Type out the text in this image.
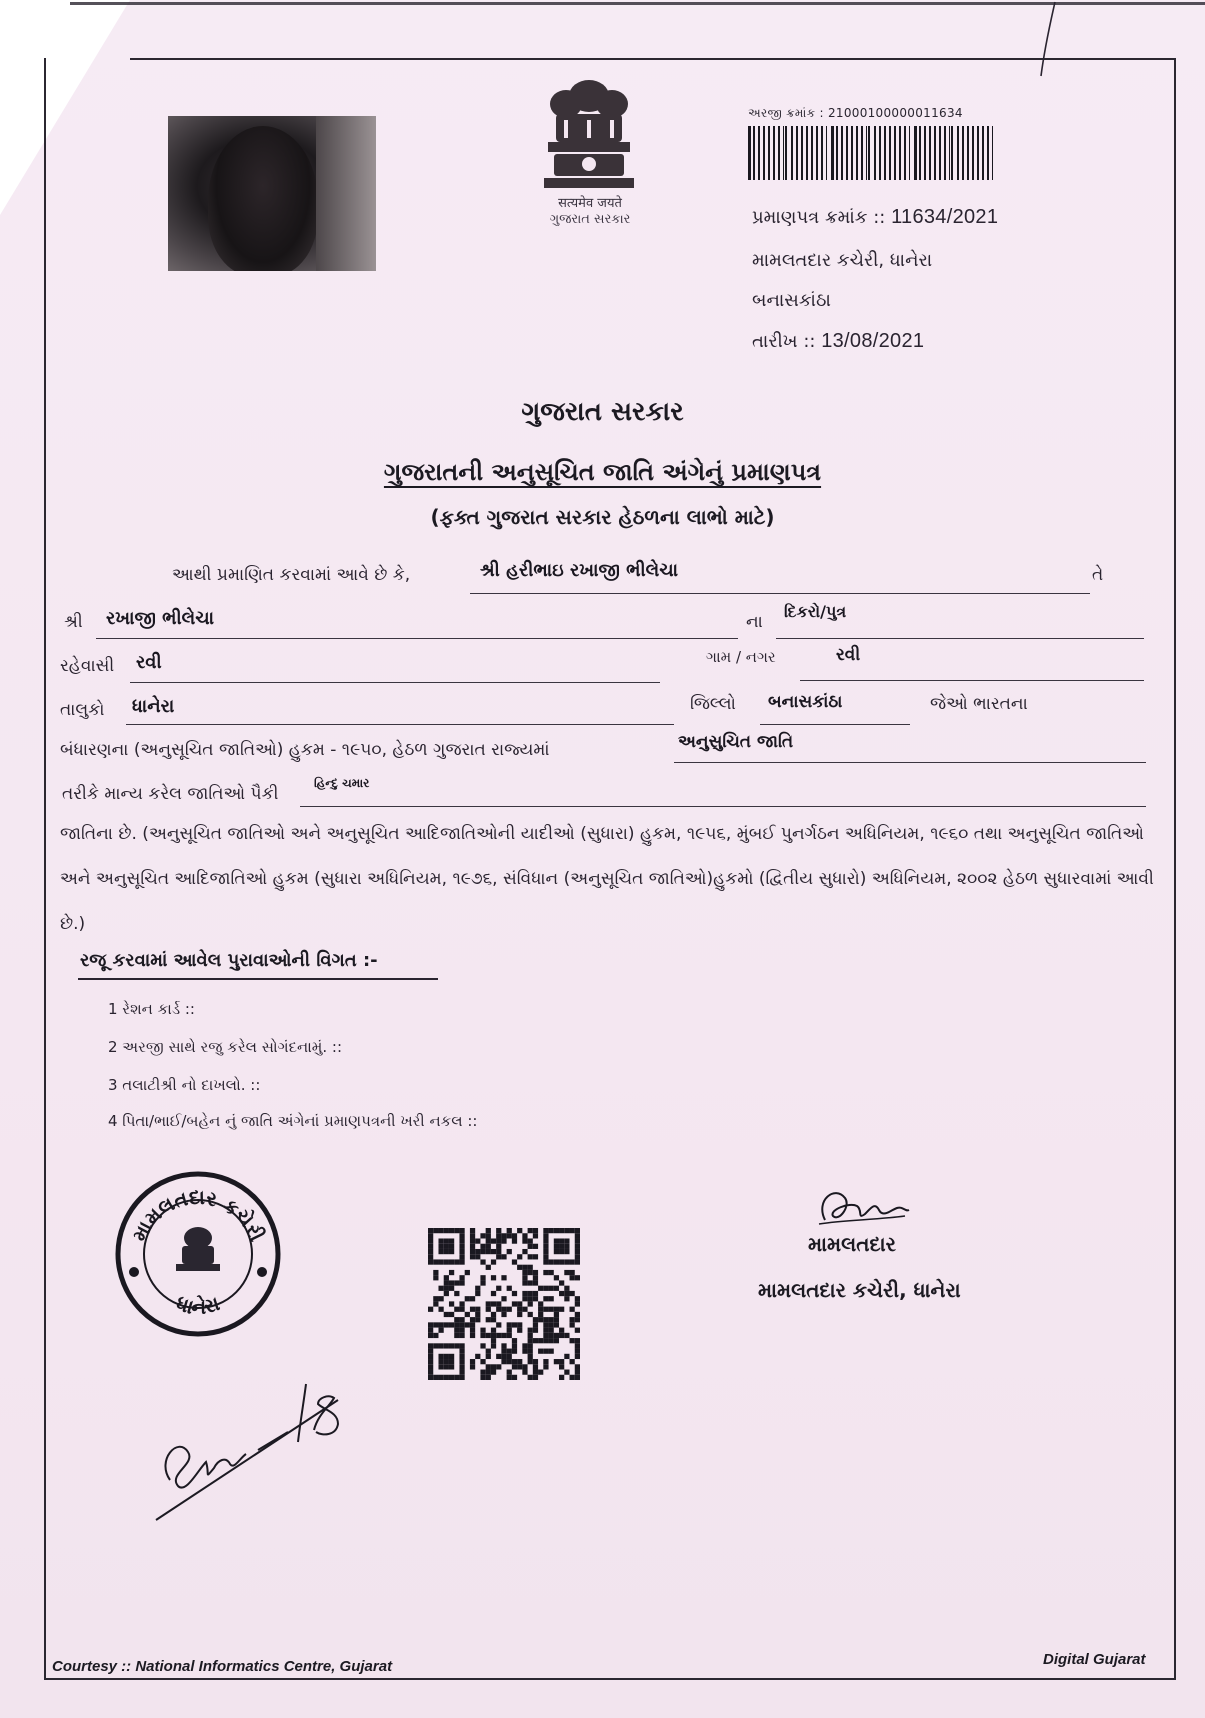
सत्यमेव जयते
ગુજરાત સરકાર
અરજી ક્રમાંક : 21000100000011634
પ્રમાણપત્ર ક્રમાંક :: 11634/2021
મામલતદાર કચેરી, ધાનેરા
બનાસકાંઠા
તારીખ :: 13/08/2021
ગુજરાત સરકાર
ગુજરાતની અનુસૂચિત જાતિ અંગેનું પ્રમાણપત્ર
(ફક્ત ગુજરાત સરકાર હેઠળના લાભો માટે)
આથી પ્રમાણિત કરવામાં આવે છે કે,	શ્રી હરીભાઇ રખાજી ભીલેચા	તે
શ્રી રખાજી ભીલેચા	ના
દિકરો/પુત્ર
રહેવાસી રવી	ગામ / નગર	રવી
તાલુકો ધાનેરા	જિલ્લો બનાસકાંઠા	જેઓ ભારતના
બંધારણના (અનુસૂચિત જાતિઓ) હુકમ - ૧૯૫૦, હેઠળ ગુજરાત રાજ્યમાં	અનુસુચિત જાતિ
તરીકે માન્ય કરેલ જાતિઓ પૈકી
હિન્દુ ચમાર
જાતિના છે. (અનુસૂચિત જાતિઓ અને અનુસૂચિત આદિજાતિઓની યાદીઓ (સુધારા) હુકમ, ૧૯૫૬, મુંબઈ પુનર્ગઠન અધિનિયમ, ૧૯૬૦ તથા અનુસૂચિત જાતિઓ અને અનુસૂચિત આદિજાતિઓ હુકમ (સુધારા અધિનિયમ, ૧૯૭૬, સંવિધાન (અનુસૂચિત જાતિઓ)હુકમો (દ્વિતીય સુધારો) અધિનિયમ, ૨૦૦૨ હેઠળ સુધારવામાં આવી છે.)
રજૂ કરવામાં આવેલ પુરાવાઓની વિગત :-
1 રેશન કાર્ડ ::
2 અરજી સાથે રજુ કરેલ સોગંદનામું. ::
3 તલાટીશ્રી નો દાખલો. ::
4 પિતા/ભાઈ/બહેન નું જાતિ અંગેનાં પ્રમાણપત્રની ખરી નકલ ::
મામલતદાર કચેરી
ધાનેરા
મામલતદાર
મામલતદાર કચેરી, ધાનેરા
Courtesy :: National Informatics Centre, Gujarat	Digital Gujarat
